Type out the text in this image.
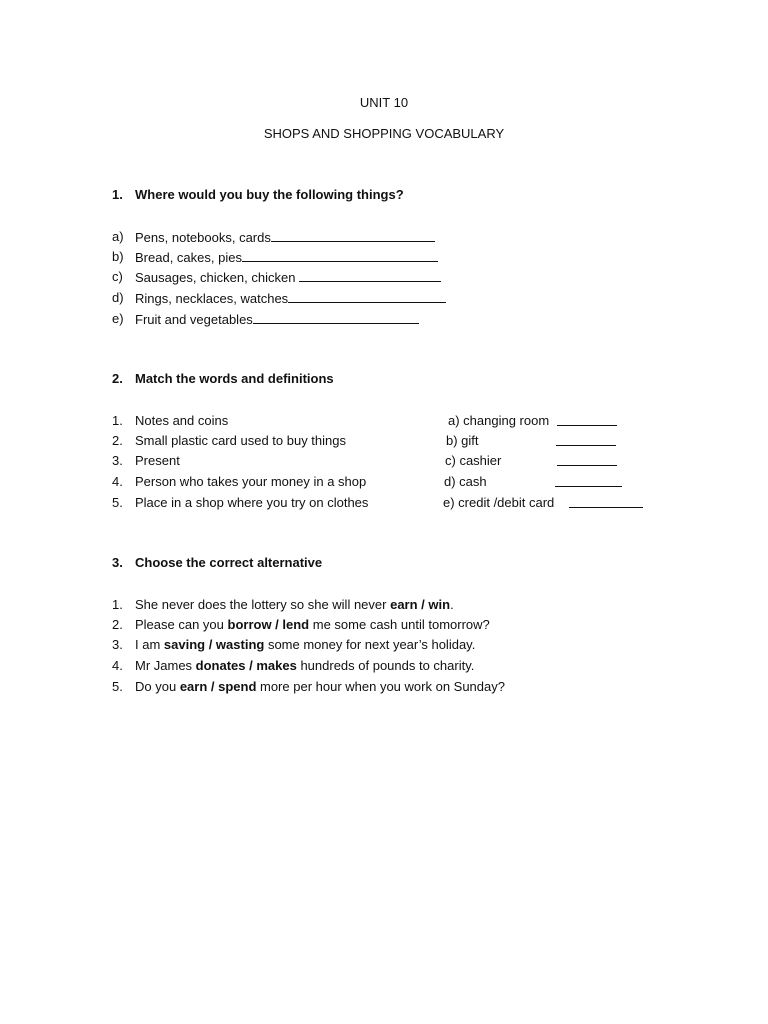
UNIT 10
SHOPS AND SHOPPING VOCABULARY
1. Where would you buy the following things?
a) Pens, notebooks, cards
b) Bread, cakes, pies
c) Sausages, chicken, chicken
d) Rings, necklaces, watches
e) Fruit and vegetables
2. Match the words and definitions
1. Notes and coins	a) changing room
2. Small plastic card used to buy things	b) gift
3. Present	c) cashier
4. Person who takes your money in a shop	d) cash
5. Place in a shop where you try on clothes	e) credit /debit card
3. Choose the correct alternative
1. She never does the lottery so she will never earn / win.
2. Please can you borrow / lend me some cash until tomorrow?
3. I am saving / wasting some money for next year’s holiday.
4. Mr James donates / makes hundreds of pounds to charity.
5. Do you earn / spend more per hour when you work on Sunday?
